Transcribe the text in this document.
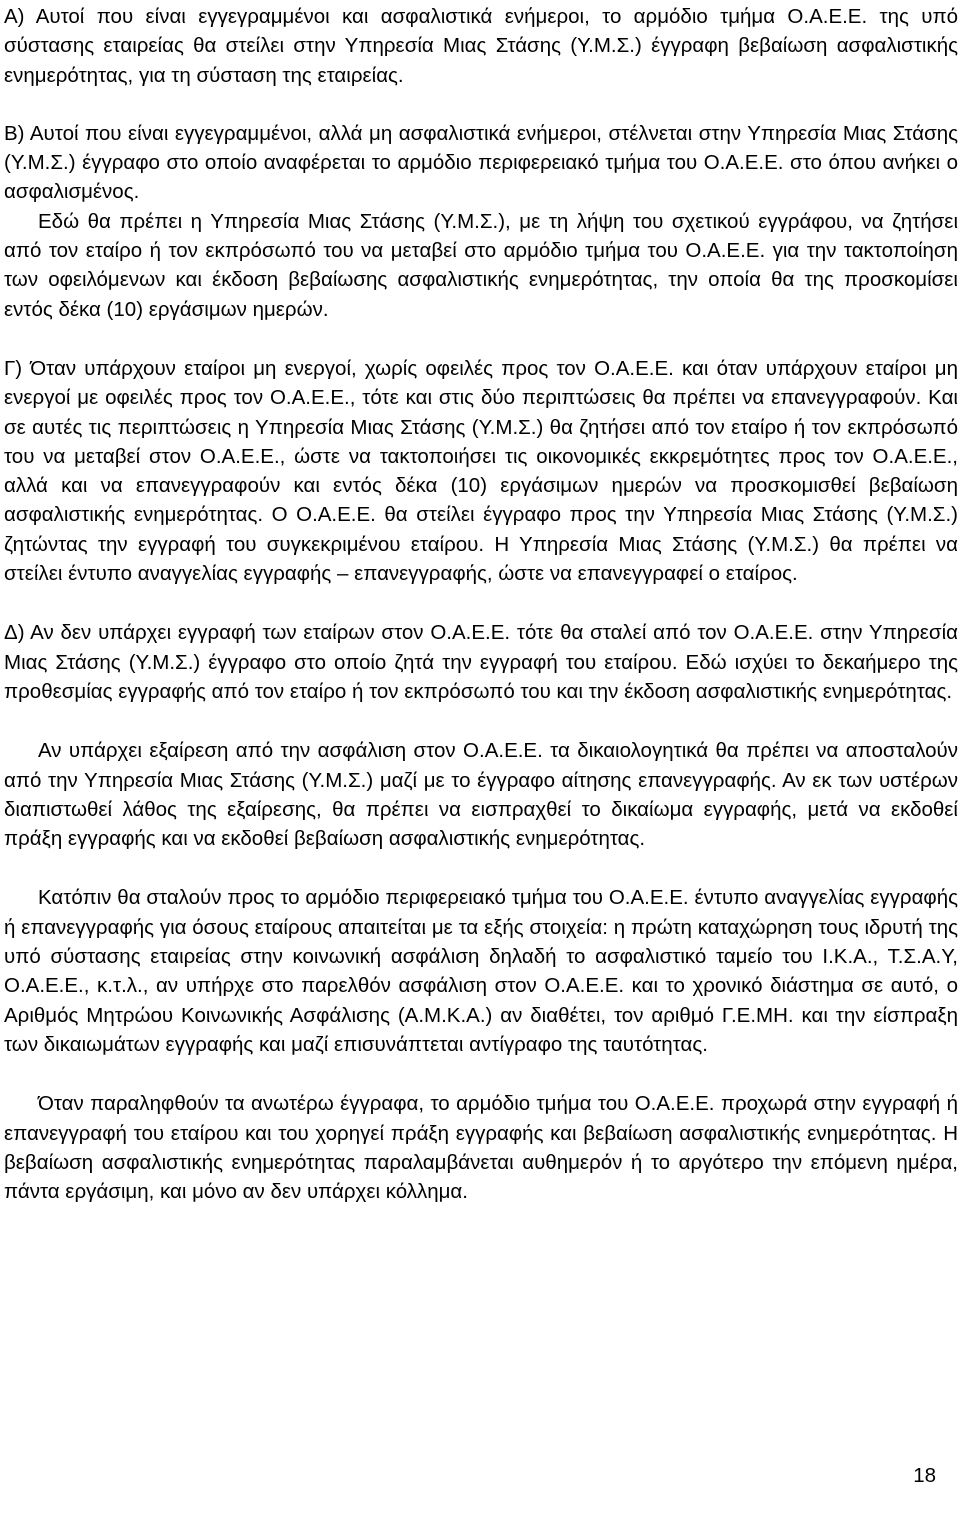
Α) Αυτοί που είναι εγγεγραμμένοι και ασφαλιστικά ενήμεροι, το αρμόδιο τμήμα Ο.Α.Ε.Ε. της υπό σύστασης εταιρείας θα στείλει στην Υπηρεσία Μιας Στάσης (Υ.Μ.Σ.) έγγραφη βεβαίωση ασφαλιστικής ενημερότητας, για τη σύσταση της εταιρείας.

Β) Αυτοί που είναι εγγεγραμμένοι, αλλά μη ασφαλιστικά ενήμεροι, στέλνεται στην Υπηρεσία Μιας Στάσης (Υ.Μ.Σ.) έγγραφο στο οποίο αναφέρεται το αρμόδιο περιφερειακό τμήμα του Ο.Α.Ε.Ε. στο όπου ανήκει ο ασφαλισμένος.

Εδώ θα πρέπει η Υπηρεσία Μιας Στάσης (Υ.Μ.Σ.), με τη λήψη του σχετικού εγγράφου, να ζητήσει από τον εταίρο ή τον εκπρόσωπό του να μεταβεί στο αρμόδιο τμήμα του Ο.Α.Ε.Ε. για την τακτοποίηση των οφειλόμενων και έκδοση βεβαίωσης ασφαλιστικής ενημερότητας, την οποία θα της προσκομίσει εντός δέκα (10) εργάσιμων ημερών.

Γ) Όταν υπάρχουν εταίροι μη ενεργοί, χωρίς οφειλές προς τον Ο.Α.Ε.Ε. και όταν υπάρχουν εταίροι μη ενεργοί με οφειλές προς τον Ο.Α.Ε.Ε., τότε και στις δύο περιπτώσεις θα πρέπει να επανεγγραφούν. Και σε αυτές τις περιπτώσεις η Υπηρεσία Μιας Στάσης (Υ.Μ.Σ.) θα ζητήσει από τον εταίρο ή τον εκπρόσωπό του να μεταβεί στον Ο.Α.Ε.Ε., ώστε να τακτοποιήσει τις οικονομικές εκκρεμότητες προς τον Ο.Α.Ε.Ε., αλλά και να επανεγγραφούν και εντός δέκα (10) εργάσιμων ημερών να προσκομισθεί βεβαίωση ασφαλιστικής ενημερότητας. Ο Ο.Α.Ε.Ε. θα στείλει έγγραφο προς την Υπηρεσία Μιας Στάσης (Υ.Μ.Σ.) ζητώντας την εγγραφή του συγκεκριμένου εταίρου. Η Υπηρεσία Μιας Στάσης (Υ.Μ.Σ.) θα πρέπει να στείλει έντυπο αναγγελίας εγγραφής – επανεγγραφής, ώστε να επανεγγραφεί ο εταίρος.

Δ) Αν δεν υπάρχει εγγραφή των εταίρων στον Ο.Α.Ε.Ε. τότε θα σταλεί από τον Ο.Α.Ε.Ε. στην Υπηρεσία Μιας Στάσης (Υ.Μ.Σ.) έγγραφο στο οποίο ζητά την εγγραφή του εταίρου. Εδώ ισχύει το δεκαήμερο της προθεσμίας εγγραφής από τον εταίρο ή τον εκπρόσωπό του και την έκδοση ασφαλιστικής ενημερότητας.

Αν υπάρχει εξαίρεση από την ασφάλιση στον Ο.Α.Ε.Ε. τα δικαιολογητικά θα πρέπει να αποσταλούν από την Υπηρεσία Μιας Στάσης (Υ.Μ.Σ.) μαζί με το έγγραφο αίτησης επανεγγραφής. Αν εκ των υστέρων διαπιστωθεί λάθος της εξαίρεσης, θα πρέπει να εισπραχθεί το δικαίωμα εγγραφής, μετά να εκδοθεί πράξη εγγραφής και να εκδοθεί βεβαίωση ασφαλιστικής ενημερότητας.

Κατόπιν θα σταλούν προς το αρμόδιο περιφερειακό τμήμα του Ο.Α.Ε.Ε. έντυπο αναγγελίας εγγραφής ή επανεγγραφής για όσους εταίρους απαιτείται με τα εξής στοιχεία: η πρώτη καταχώρηση τους ιδρυτή της υπό σύστασης εταιρείας στην κοινωνική ασφάλιση δηλαδή το ασφαλιστικό ταμείο του Ι.Κ.Α., Τ.Σ.Α.Υ, Ο.Α.Ε.Ε., κ.τ.λ., αν υπήρχε στο παρελθόν ασφάλιση στον Ο.Α.Ε.Ε. και το χρονικό διάστημα σε αυτό, ο Αριθμός Μητρώου Κοινωνικής Ασφάλισης (Α.Μ.Κ.Α.) αν διαθέτει, τον αριθμό Γ.Ε.ΜΗ. και την είσπραξη των δικαιωμάτων εγγραφής και μαζί επισυνάπτεται αντίγραφο της ταυτότητας.

Όταν παραληφθούν τα ανωτέρω έγγραφα, το αρμόδιο τμήμα του Ο.Α.Ε.Ε. προχωρά στην εγγραφή ή επανεγγραφή του εταίρου και του χορηγεί πράξη εγγραφής και βεβαίωση ασφαλιστικής ενημερότητας. Η βεβαίωση ασφαλιστικής ενημερότητας παραλαμβάνεται αυθημερόν ή το αργότερο την επόμενη ημέρα, πάντα εργάσιμη, και μόνο αν δεν υπάρχει κόλλημα.

18
